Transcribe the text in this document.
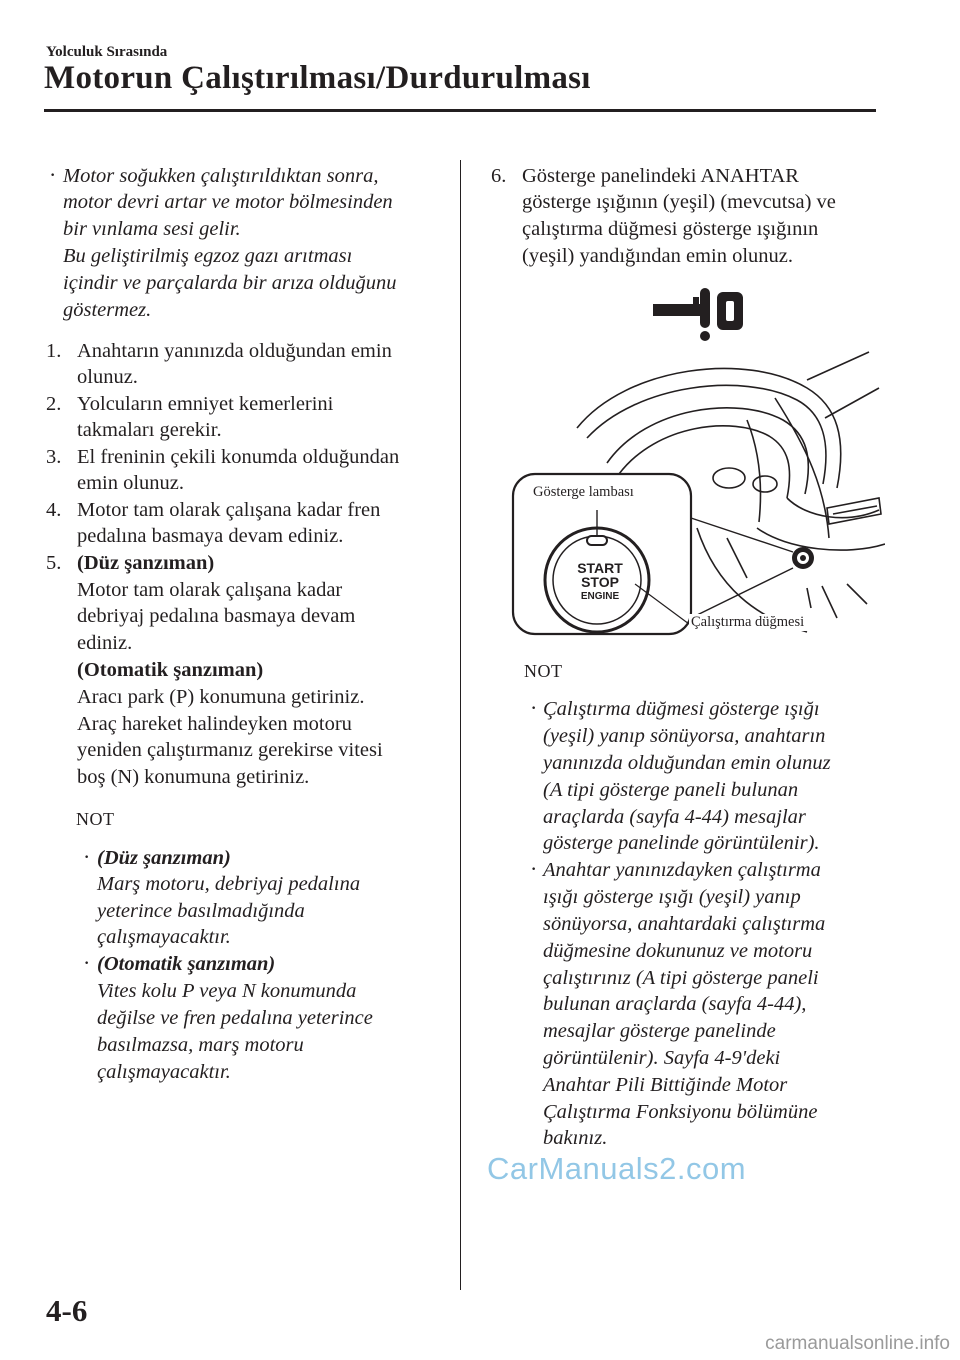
Yolculuk Sırasında
Motorun Çalıştırılması/Durdurulması
· Motor soğukken çalıştırıldıktan sonra,
motor devri artar ve motor bölmesinden
bir vınlama sesi gelir.
Bu geliştirilmiş egzoz gazı arıtması
içindir ve parçalarda bir arıza olduğunu
göstermez.
1. Anahtarın yanınızda olduğundan emin
olunuz.
2. Yolcuların emniyet kemerlerini
takmaları gerekir.
3. El freninin çekili konumda olduğundan
emin olunuz.
4. Motor tam olarak çalışana kadar fren
pedalına basmaya devam ediniz.
5. (Düz şanzıman)
Motor tam olarak çalışana kadar
debriyaj pedalına basmaya devam
ediniz.
(Otomatik şanzıman)
Aracı park (P) konumuna getiriniz.
Araç hareket halindeyken motoru
yeniden çalıştırmanız gerekirse vitesi
boş (N) konumuna getiriniz.
NOT
· (Düz şanzıman)
Marş motoru, debriyaj pedalına
yeterince basılmadığında
çalışmayacaktır.
· (Otomatik şanzıman)
Vites kolu P veya N konumunda
değilse ve fren pedalına yeterince
basılmazsa, marş motoru
çalışmayacaktır.
6. Gösterge panelindeki ANAHTAR
gösterge ışığının (yeşil) (mevcutsa) ve
çalıştırma düğmesi gösterge ışığının
(yeşil) yandığından emin olunuz.
START
STOP
ENGINE
Gösterge lambası
Çalıştırma düğmesi
NOT
· Çalıştırma düğmesi gösterge ışığı
(yeşil) yanıp sönüyorsa, anahtarın
yanınızda olduğundan emin olunuz
(A tipi gösterge paneli bulunan
araçlarda (sayfa 4-44) mesajlar
gösterge panelinde görüntülenir).
· Anahtar yanınızdayken çalıştırma
ışığı gösterge ışığı (yeşil) yanıp
sönüyorsa, anahtardaki çalıştırma
düğmesine dokununuz ve motoru
çalıştırınız (A tipi gösterge paneli
bulunan araçlarda (sayfa 4-44),
mesajlar gösterge panelinde
görüntülenir). Sayfa 4-9'deki
Anahtar Pili Bittiğinde Motor
Çalıştırma Fonksiyonu bölümüne
bakınız.
CarManuals2.com
4-6
carmanualsonline.info
